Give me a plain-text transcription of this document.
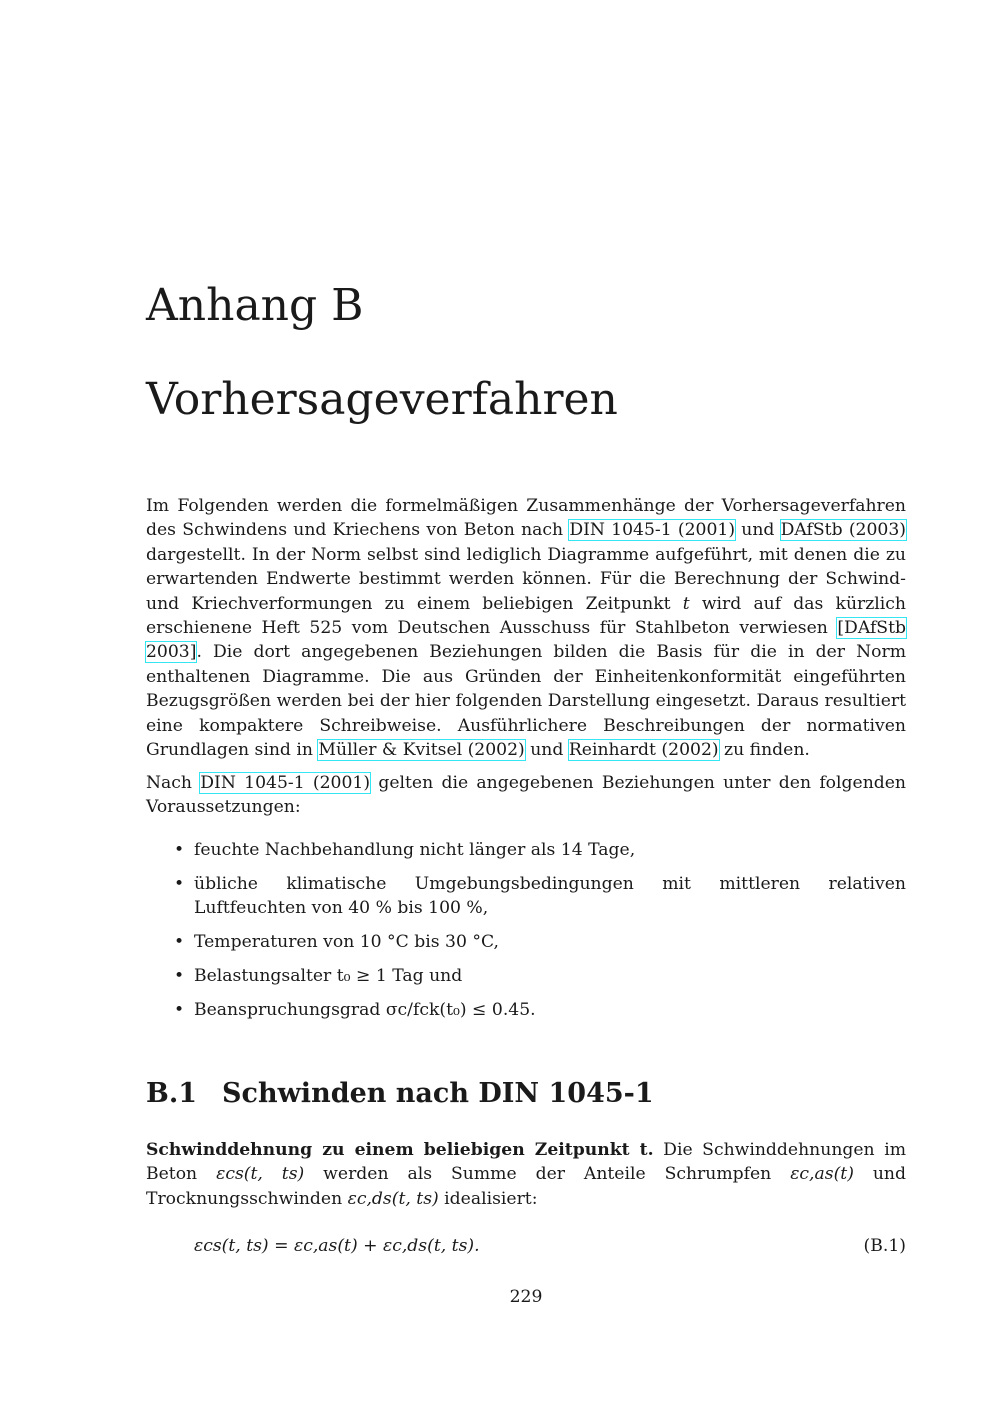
Anhang B
Vorhersageverfahren

Im Folgenden werden die formelmäßigen Zusammenhänge der Vorhersageverfahren des Schwindens und Kriechens von Beton nach DIN 1045-1 (2001) und DAfStb (2003) dargestellt. In der Norm selbst sind lediglich Diagramme aufgeführt, mit denen die zu erwartenden Endwerte bestimmt werden können. Für die Berechnung der Schwind- und Kriechverformungen zu einem beliebigen Zeitpunkt t wird auf das kürzlich erschienene Heft 525 vom Deutschen Ausschuss für Stahlbeton verwiesen [DAfStb 2003]. Die dort angegebenen Beziehungen bilden die Basis für die in der Norm enthaltenen Diagramme. Die aus Gründen der Einheitenkonformität eingeführten Bezugsgrößen werden bei der hier folgenden Darstellung eingesetzt. Daraus resultiert eine kompaktere Schreibweise. Ausführlichere Beschreibungen der normativen Grundlagen sind in Müller & Kvitsel (2002) und Reinhardt (2002) zu finden.

Nach DIN 1045-1 (2001) gelten die angegebenen Beziehungen unter den folgenden Voraussetzungen:

• feuchte Nachbehandlung nicht länger als 14 Tage,
• übliche klimatische Umgebungsbedingungen mit mittleren relativen Luftfeuchten von 40 % bis 100 %,
• Temperaturen von 10 °C bis 30 °C,
• Belastungsalter t₀ ≥ 1 Tag und
• Beanspruchungsgrad σc/fck(t₀) ≤ 0.45.
B.1 Schwinden nach DIN 1045-1

Schwinddehnung zu einem beliebigen Zeitpunkt t. Die Schwinddehnungen im Beton εcs(t, ts) werden als Summe der Anteile Schrumpfen εc,as(t) und Trocknungsschwinden εc,ds(t, ts) idealisiert:

εcs(t, ts) = εc,as(t) + εc,ds(t, ts).	(B.1)
229
